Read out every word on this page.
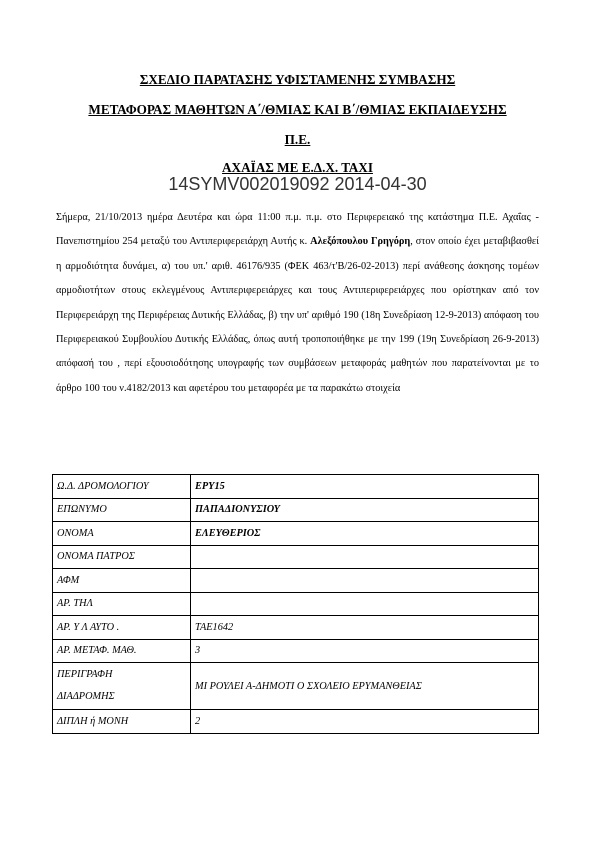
ΣΧΕΔΙΟ ΠΑΡΑΤΑΣΗΣ ΥΦΙΣΤΑΜΕΝΗΣ ΣΥΜΒΑΣΗΣ
ΜΕΤΑΦΟΡΑΣ ΜΑΘΗΤΩΝ Α΄/ΘΜΙΑΣ ΚΑΙ Β΄/ΘΜΙΑΣ ΕΚΠΑΙΔΕΥΣΗΣ
Π.Ε.
ΑΧΑΪΑΣ ΜΕ Ε.Δ.Χ. ΤΑΧΙ
14SYMV002019092 2014-04-30

Σήμερα, 21/10/2013 ημέρα Δευτέρα και ώρα 11:00 π.μ. π.μ. στο Περιφερειακό της κατάστημα Π.Ε. Αχαΐας - Πανεπιστημίου 254 μεταξύ του Αντιπεριφερειάρχη Αυτής κ. Αλεξόπουλου Γρηγόρη, στον οποίο έχει μεταβιβασθεί η αρμοδιότητα δυνάμει, α) του υπ.' αριθ. 46176/935 (ΦΕΚ 463/τ'Β/26-02-2013) περί ανάθεσης άσκησης τομέων αρμοδιοτήτων στους εκλεγμένους Αντιπεριφερειάρχες και τους Αντιπεριφερειάρχες που ορίστηκαν από τον Περιφερειάρχη της Περιφέρειας Δυτικής Ελλάδας, β) την υπ' αριθμό 190 (18η Συνεδρίαση 12-9-2013) απόφαση του Περιφερειακού Συμβουλίου Δυτικής Ελλάδας, όπως αυτή τροποποιήθηκε με την 199 (19η Συνεδρίαση 26-9-2013) απόφασή του , περί εξουσιοδότησης υπογραφής των συμβάσεων μεταφοράς μαθητών που παρατείνονται με το άρθρο 100 του ν.4182/2013 και αφετέρου του μεταφορέα με τα παρακάτω στοιχεία

Ω.Δ. ΔΡΟΜΟΛΟΓΙΟΥ	ΕΡΥ15
ΕΠΩΝΥΜΟ	ΠΑΠΑΔΙΟΝΥΣΙΟΥ
ΟΝΟΜΑ	ΕΛΕΥΘΕΡΙΟΣ
ΟΝΟΜΑ ΠΑΤΡΟΣ	
ΑΦΜ	
ΑΡ. ΤΗΛ	
ΑΡ. Υ Λ ΑΥΤΟ .	ΤΑΕ1642
ΑΡ. ΜΕΤΑΦ. ΜΑΘ.	3

ΠΕΡΙΓΡΑΦΗ
ΔΙΑΔΡΟΜΗΣ	ΜΙ ΡΟΥΛΕΙ Α-ΔΗΜΟΤΙ Ο ΣΧΟΛΕΙΟ ΕΡΥΜΑΝΘΕΙΑΣ
ΔΙΠΛΗ ή ΜΟΝΗ	2
